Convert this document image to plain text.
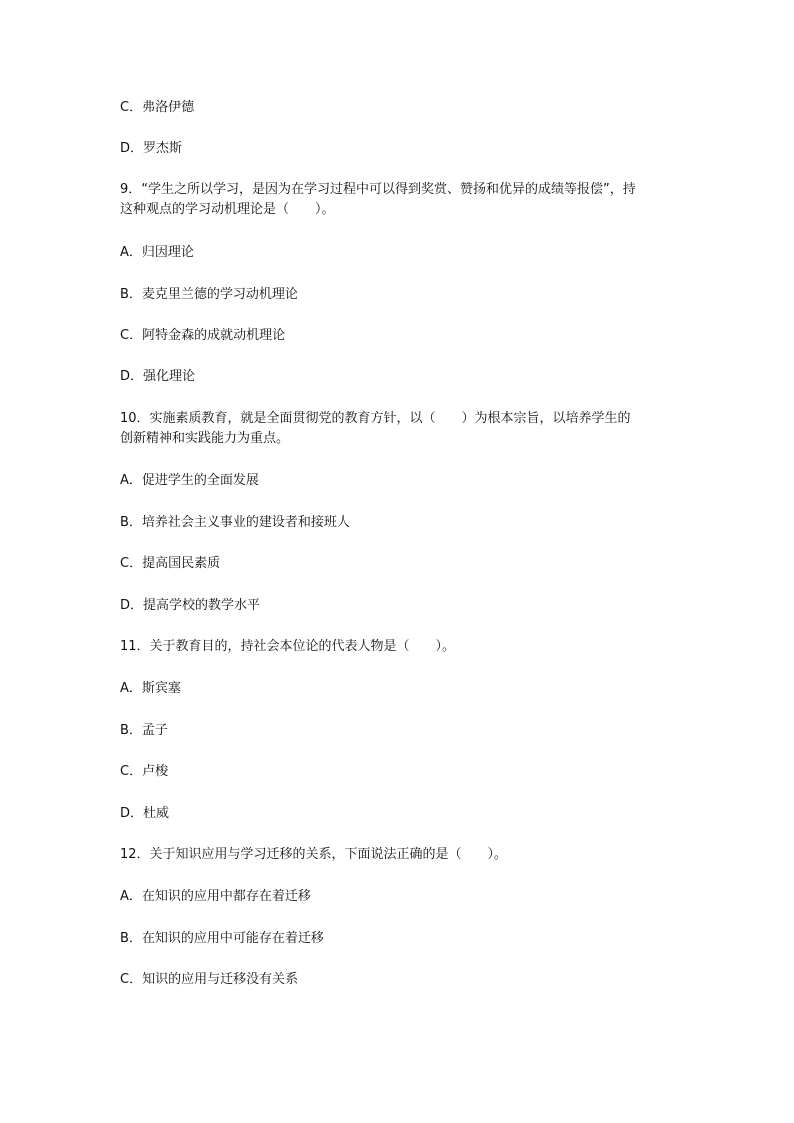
C．弗洛伊德
D．罗杰斯
9．“学生之所以学习，是因为在学习过程中可以得到奖赏、赞扬和优异的成绩等报偿”，持
这种观点的学习动机理论是（　　）。
A．归因理论
B．麦克里兰德的学习动机理论
C．阿特金森的成就动机理论
D．强化理论
10．实施素质教育，就是全面贯彻党的教育方针，以（　　）为根本宗旨，以培养学生的
创新精神和实践能力为重点。
A．促进学生的全面发展
B．培养社会主义事业的建设者和接班人
C．提高国民素质
D．提高学校的教学水平
11．关于教育目的，持社会本位论的代表人物是（　　）。
A．斯宾塞
B．孟子
C．卢梭
D．杜威
12．关于知识应用与学习迁移的关系，下面说法正确的是（　　）。
A．在知识的应用中都存在着迁移
B．在知识的应用中可能存在着迁移
C．知识的应用与迁移没有关系
